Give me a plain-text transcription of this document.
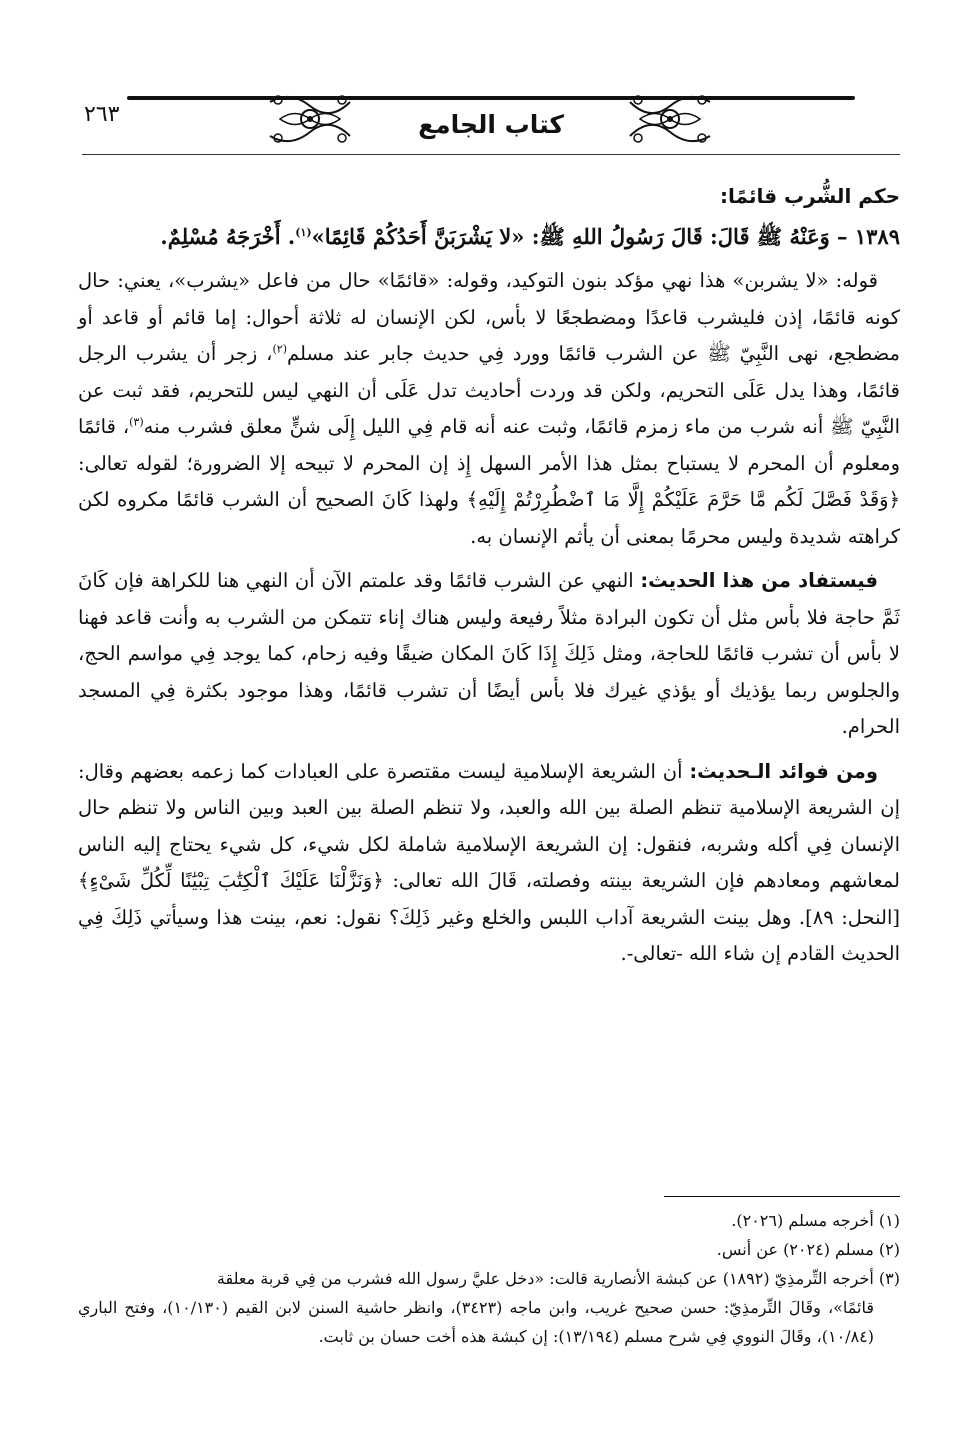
٢٦٣	كتاب الجامع

حكم الشُّرب قائمًا:

١٣٨٩ – وَعَنْهُ ﷺ قَالَ: قَالَ رَسُولُ اللهِ ﷺ: «لا يَشْرَبَنَّ أَحَدُكُمْ قَائِمًا»$^{(١)}$. أَخْرَجَهُ مُسْلِمٌ.

قوله: «لا يشربن» هذا نهي مؤكد بنون التوكيد، وقوله: «قائمًا» حال من فاعل «يشرب»، يعني: حال كونه قائمًا، إذن فليشرب قاعدًا ومضطجعًا لا بأس، لكن الإنسان له ثلاثة أحوال: إما قائم أو قاعد أو مضطجع، نهى النَّبِيّ ﷺ عن الشرب قائمًا وورد فِي حديث جابر عند مسلم$^{(٢)}$، زجر أن يشرب الرجل قائمًا، وهذا يدل عَلَى التحريم، ولكن قد وردت أحاديث تدل عَلَى أن النهي ليس للتحريم، فقد ثبت عن النَّبِيّ ﷺ أنه شرب من ماء زمزم قائمًا، وثبت عنه أنه قام فِي الليل إِلَى شنٍّ معلق فشرب منه$^{(٣)}$، قائمًا ومعلوم أن المحرم لا يستباح بمثل هذا الأمر السهل إِذ إن المحرم لا تبيحه إلا الضرورة؛ لقوله تعالى: ﴿وَقَدْ فَصَّلَ لَكُم مَّا حَرَّمَ عَلَيْكُمْ إِلَّا مَا ٱضْطُرِرْتُمْ إِلَيْهِ﴾ ولهذا كَانَ الصحيح أن الشرب قائمًا مكروه لكن كراهته شديدة وليس محرمًا بمعنى أن يأثم الإنسان به.

فيستفاد من هذا الحديث: النهي عن الشرب قائمًا وقد علمتم الآن أن النهي هنا للكراهة فإن كَانَ ثَمَّ حاجة فلا بأس مثل أن تكون البرادة مثلاً رفيعة وليس هناك إناء تتمكن من الشرب به وأنت قاعد فهنا لا بأس أن تشرب قائمًا للحاجة، ومثل ذَلِكَ إِذَا كَانَ المكان ضيقًا وفيه زحام، كما يوجد فِي مواسم الحج، والجلوس ربما يؤذيك أو يؤذي غيرك فلا بأس أيضًا أن تشرب قائمًا، وهذا موجود بكثرة فِي المسجد الحرام.

ومن فوائد الـحديث: أن الشريعة الإسلامية ليست مقتصرة على العبادات كما زعمه بعضهم وقال: إن الشريعة الإسلامية تنظم الصلة بين الله والعبد، ولا تنظم الصلة بين العبد وبين الناس ولا تنظم حال الإنسان فِي أكله وشربه، فنقول: إن الشريعة الإسلامية شاملة لكل شيء، كل شيء يحتاج إليه الناس لمعاشهم ومعادهم فإن الشريعة بينته وفصلته، قَالَ الله تعالى: ﴿وَنَزَّلْنَا عَلَيْكَ ٱلْكِتَٰبَ تِبْيَٰنًا لِّكُلِّ شَىْءٍ﴾ [النحل: ٨٩]. وهل بينت الشريعة آداب اللبس والخلع وغير ذَلِكَ؟ نقول: نعم، بينت هذا وسيأتي ذَلِكَ فِي الحديث القادم إن شاء الله -تعالى-.

(١) أخرجه مسلم (٢٠٢٦).

(٢) مسلم (٢٠٢٤) عن أنس.

(٣) أخرجه التِّرمذِيّ (١٨٩٢) عن كبشة الأنصارية قالت: «دخل عليَّ رسول الله فشرب من فِي قربة معلقة

قائمًا»، وقَالَ التِّرمذِيّ: حسن صحيح غريب، وابن ماجه (٣٤٢٣)، وانظر حاشية السنن لابن القيم (١٠/١٣٠)، وفتح الباري (١٠/٨٤)، وقَالَ النووي فِي شرح مسلم (١٣/١٩٤): إن كبشة هذه أخت حسان بن ثابت.
